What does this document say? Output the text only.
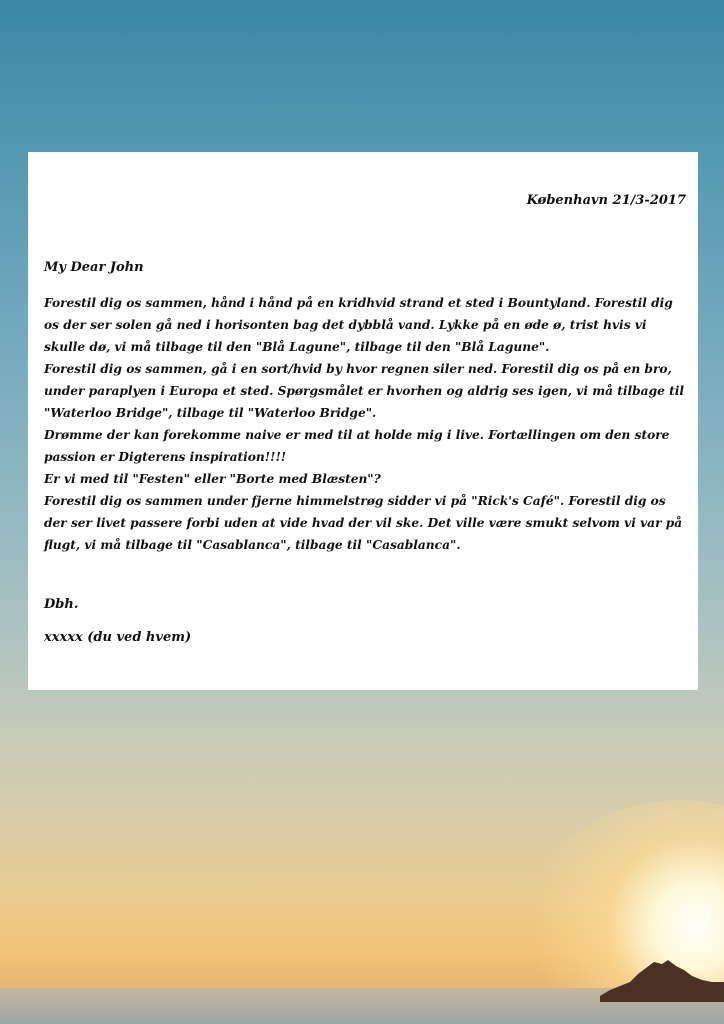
København 21/3-2017
My Dear John

Forestil dig os sammen, hånd i hånd på en kridhvid strand et sted i Bountyland. Forestil dig os der ser solen gå ned i horisonten bag det dybblå vand. Lykke på en øde ø, trist hvis vi skulle dø, vi må tilbage til den "Blå Lagune", tilbage til den "Blå Lagune".

Forestil dig os sammen, gå i en sort/hvid by hvor regnen siler ned. Forestil dig os på en bro, under paraplyen i Europa et sted. Spørgsmålet er hvorhen og aldrig ses igen, vi må tilbage til "Waterloo Bridge", tilbage til "Waterloo Bridge".

Drømme der kan forekomme naive er med til at holde mig i live. Fortællingen om den store passion er Digterens inspiration!!!!

Er vi med til "Festen" eller "Borte med Blæsten"?

Forestil dig os sammen under fjerne himmelstrøg sidder vi på "Rick's Café". Forestil dig os der ser livet passere forbi uden at vide hvad der vil ske. Det ville være smukt selvom vi var på flugt, vi må tilbage til "Casablanca", tilbage til "Casablanca".

Dbh.
xxxxx (du ved hvem)
